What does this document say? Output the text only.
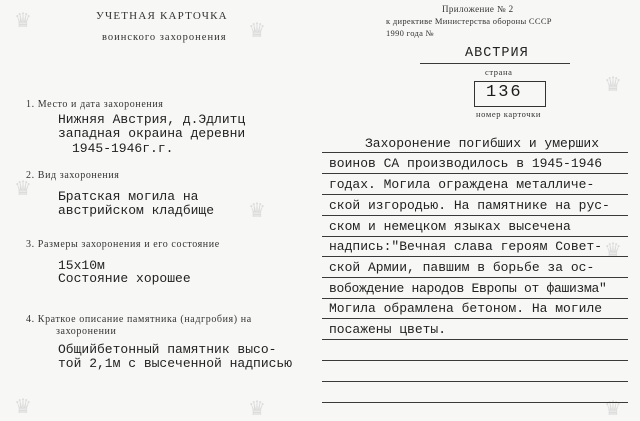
♛	♛
♛
♛
♛
♛
♛	♛	♛
УЧЕТНАЯ КАРТОЧКА
воинского захоронения
Приложение № 2
к директиве Министерства обороны СССР
1990 года №
АВСТРИЯ
страна
136
номер карточки
1. Место и дата захоронения
Нижняя Австрия, д.Эдлитц
западная окраина деревни
1945-1946г.г.
2. Вид захоронения
Братская могила на
австрийском кладбище
3. Размеры захоронения и его состояние
15х10м
Состояние хорошее
4. Краткое описание памятника (надгробия) на
захоронении
Общийбетонный памятник высо-
той 2,1м с высеченной надписью
Захоронение погибших и умерших
воинов СА производилось в 1945-1946
годах. Могила ограждена металличе-
ской изгородью. На памятнике на рус-
ском и немецком языках высечена
надпись:"Вечная слава героям Совет-
ской Армии, павшим в борьбе за ос-
вобождение народов Европы от фашизма"
Могила обрамлена бетоном. На могиле
посажены цветы.
